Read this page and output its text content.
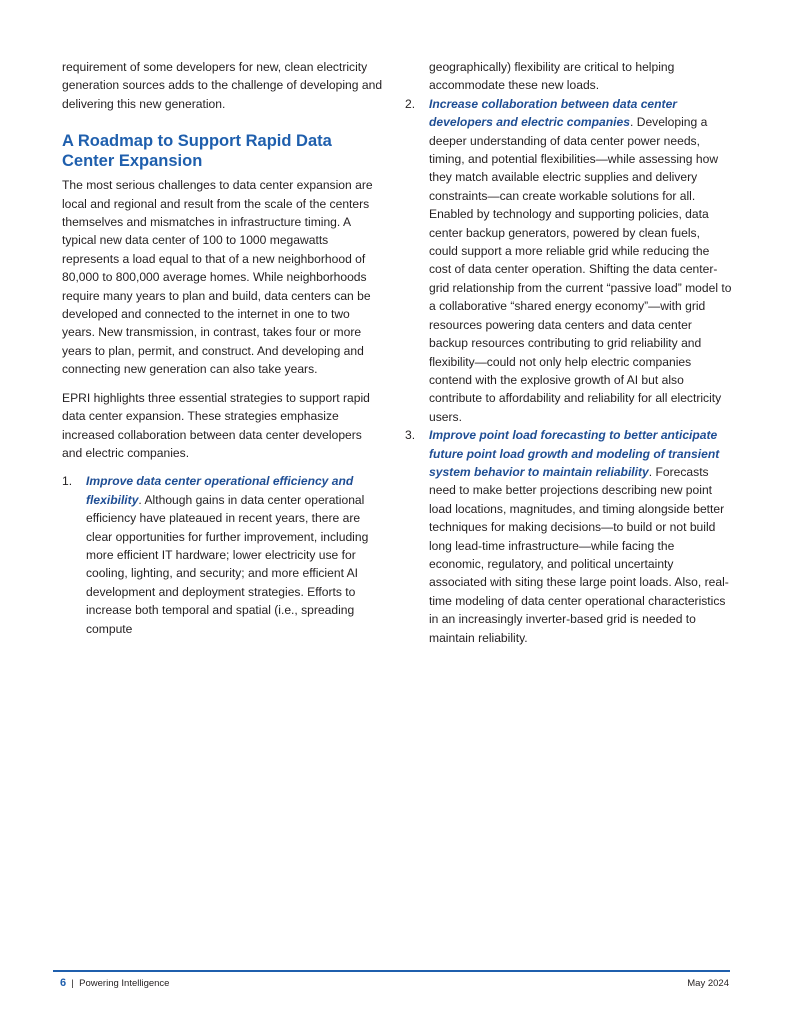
requirement of some developers for new, clean electricity generation sources adds to the challenge of developing and delivering this new generation.

A Roadmap to Support Rapid Data Center Expansion

The most serious challenges to data center expansion are local and regional and result from the scale of the centers themselves and mismatches in infrastructure timing. A typical new data center of 100 to 1000 megawatts represents a load equal to that of a new neighborhood of 80,000 to 800,000 average homes. While neighborhoods require many years to plan and build, data centers can be developed and connected to the internet in one to two years. New transmission, in contrast, takes four or more years to plan, permit, and construct. And developing and connecting new generation can also take years.

EPRI highlights three essential strategies to support rapid data center expansion. These strategies emphasize increased collaboration between data center developers and electric companies.

1. Improve data center operational efficiency and flexibility. Although gains in data center operational efficiency have plateaued in recent years, there are clear opportunities for further improvement, including more efficient IT hardware; lower electricity use for cooling, lighting, and security; and more efficient AI development and deployment strategies. Efforts to increase both temporal and spatial (i.e., spreading compute

geographically) flexibility are critical to helping accommodate these new loads.

2. Increase collaboration between data center developers and electric companies. Developing a deeper understanding of data center power needs, timing, and potential flexibilities—while assessing how they match available electric supplies and delivery constraints—can create workable solutions for all. Enabled by technology and supporting policies, data center backup generators, powered by clean fuels, could support a more reliable grid while reducing the cost of data center operation. Shifting the data center-grid relationship from the current “passive load” model to a collaborative “shared energy economy”—with grid resources powering data centers and data center backup resources contributing to grid reliability and flexibility—could not only help electric companies contend with the explosive growth of AI but also contribute to affordability and reliability for all electricity users.
3. Improve point load forecasting to better anticipate future point load growth and modeling of transient system behavior to maintain reliability. Forecasts need to make better projections describing new point load locations, magnitudes, and timing alongside better techniques for making decisions—to build or not build long lead-time infrastructure—while facing the economic, regulatory, and political uncertainty associated with siting these large point loads. Also, real-time modeling of data center operational characteristics in an increasingly inverter-based grid is needed to maintain reliability.
6 | Powering Intelligence	May 2024
